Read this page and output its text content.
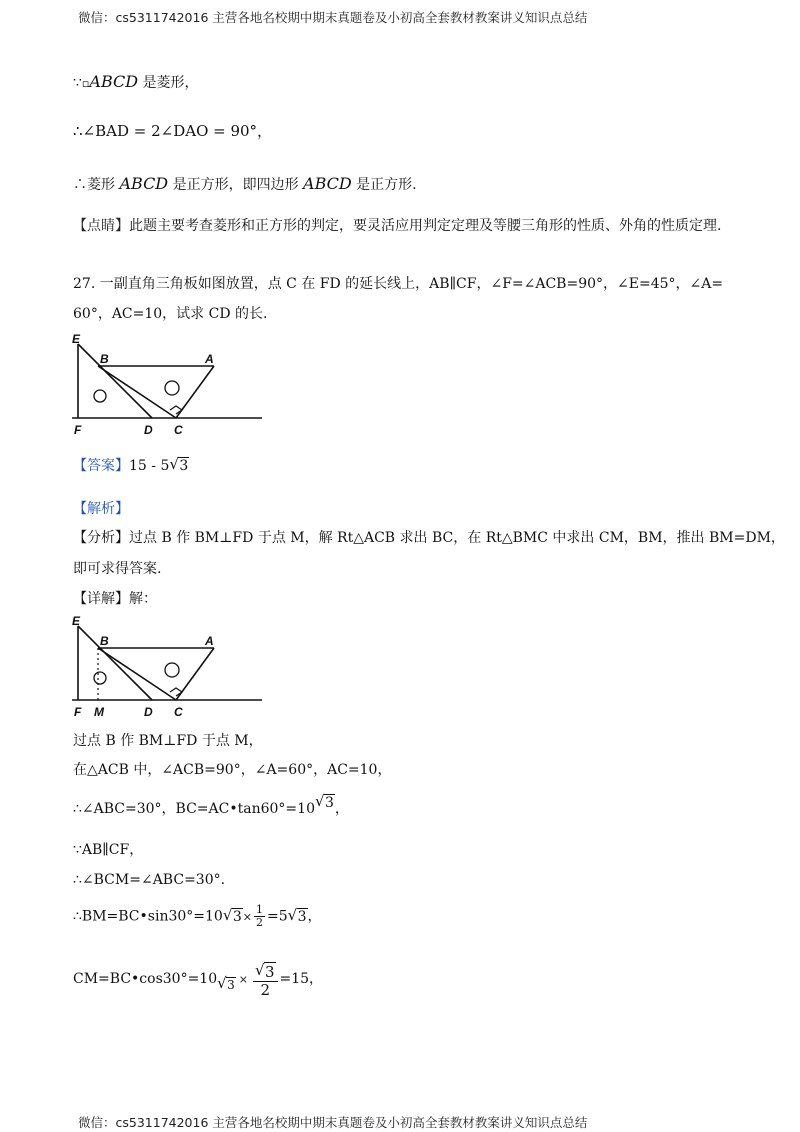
微信：cs5311742016 主营各地名校期中期末真题卷及小初高全套教材教案讲义知识点总结
∵▫ABCD 是菱形，
∴∠BAD = 2∠DAO = 90°，
∴菱形 ABCD 是正方形，即四边形 ABCD 是正方形.
【点睛】此题主要考查菱形和正方形的判定，要灵活应用判定定理及等腰三角形的性质、外角的性质定理.
27. 一副直角三角板如图放置，点 C 在 FD 的延长线上，AB∥CF，∠F=∠ACB=90°，∠E=45°，∠A=
60°，AC=10，试求 CD 的长.
E
B	A
F	D C
【答案】15 - 5√ 3
【解析】
【分析】过点 B 作 BM⊥FD 于点 M，解 Rt△ACB 求出 BC，在 Rt△BMC 中求出 CM，BM，推出 BM=DM，
即可求得答案.
【详解】解：
E
B	A
F M	D C
过点 B 作 BM⊥FD 于点 M，
在△ACB 中，∠ACB=90°，∠A=60°，AC=10，
∴∠ABC=30°，BC=AC•tan60°=10√ 3，
∵AB∥CF，
∴∠BCM=∠ABC=30°.
∴BM=BC•sin30°=10√ $3\times \frac{1}{2} =5√$ 3，
CM=BC•cos30°=10√ 3 ×
√ $\frac{3}{2} =15$，
微信：cs5311742016 主营各地名校期中期末真题卷及小初高全套教材教案讲义知识点总结
